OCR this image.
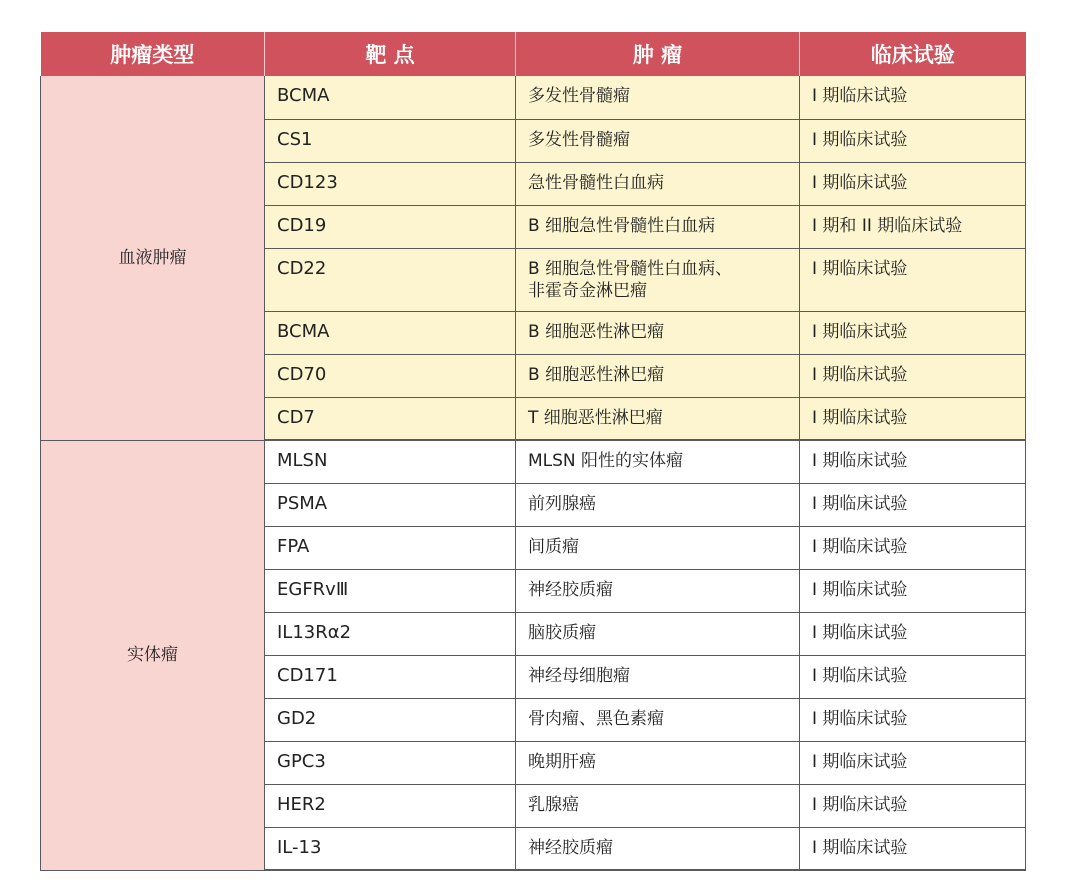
肿瘤类型	靶 点	肿 瘤	临床试验
血液肿瘤	BCMA	多发性骨髓瘤	I 期临床试验
	CS1	多发性骨髓瘤	I 期临床试验
	CD123	急性骨髓性白血病	I 期临床试验
	CD19	B 细胞急性骨髓性白血病	I 期和 II 期临床试验
	CD22	B 细胞急性骨髓性白血病、
非霍奇金淋巴瘤	I 期临床试验
	BCMA	B 细胞恶性淋巴瘤	I 期临床试验
	CD70	B 细胞恶性淋巴瘤	I 期临床试验
	CD7	T 细胞恶性淋巴瘤	I 期临床试验
实体瘤	MLSN	MLSN 阳性的实体瘤	I 期临床试验
	PSMA	前列腺癌	I 期临床试验
	FPA	间质瘤	I 期临床试验
	EGFRvⅢ	神经胶质瘤	I 期临床试验
	IL13Rα2	脑胶质瘤	I 期临床试验
	CD171	神经母细胞瘤	I 期临床试验
	GD2	骨肉瘤、黑色素瘤	I 期临床试验
	GPC3	晚期肝癌	I 期临床试验
	HER2	乳腺癌	I 期临床试验
	IL-13	神经胶质瘤	I 期临床试验
